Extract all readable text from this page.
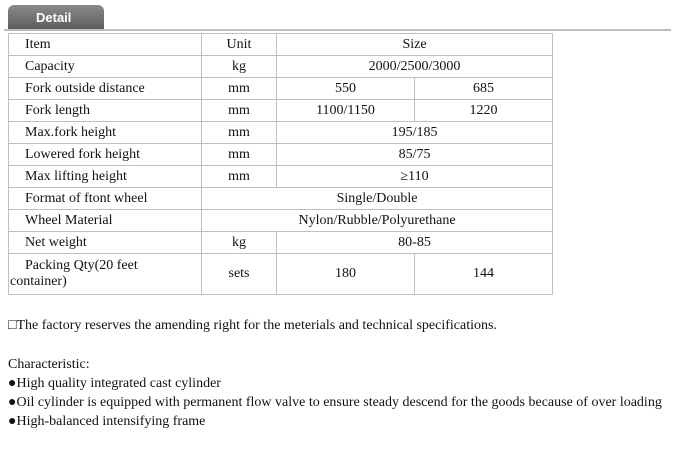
Detail
Item	Unit	Size	
Capacity	kg	2000/2500/3000	
Fork outside distance	mm	550	685
Fork length	mm	1100/1150	1220
Max.fork height	mm	195/185	
Lowered fork height	mm	85/75	
Max lifting height	mm	≥110	
Format of ftont wheel	Single/Double		
Wheel Material	Nylon/Rubble/Polyurethane		
Net weight	kg	80-85	

Packing Qty(20 feet
container)	sets	180	144
□The factory reserves the amending right for the meterials and technical specifications.
Characteristic:
●High quality integrated cast cylinder
●Oil cylinder is equipped with permanent flow valve to ensure steady descend for the goods because of over loading
●High-balanced intensifying frame
